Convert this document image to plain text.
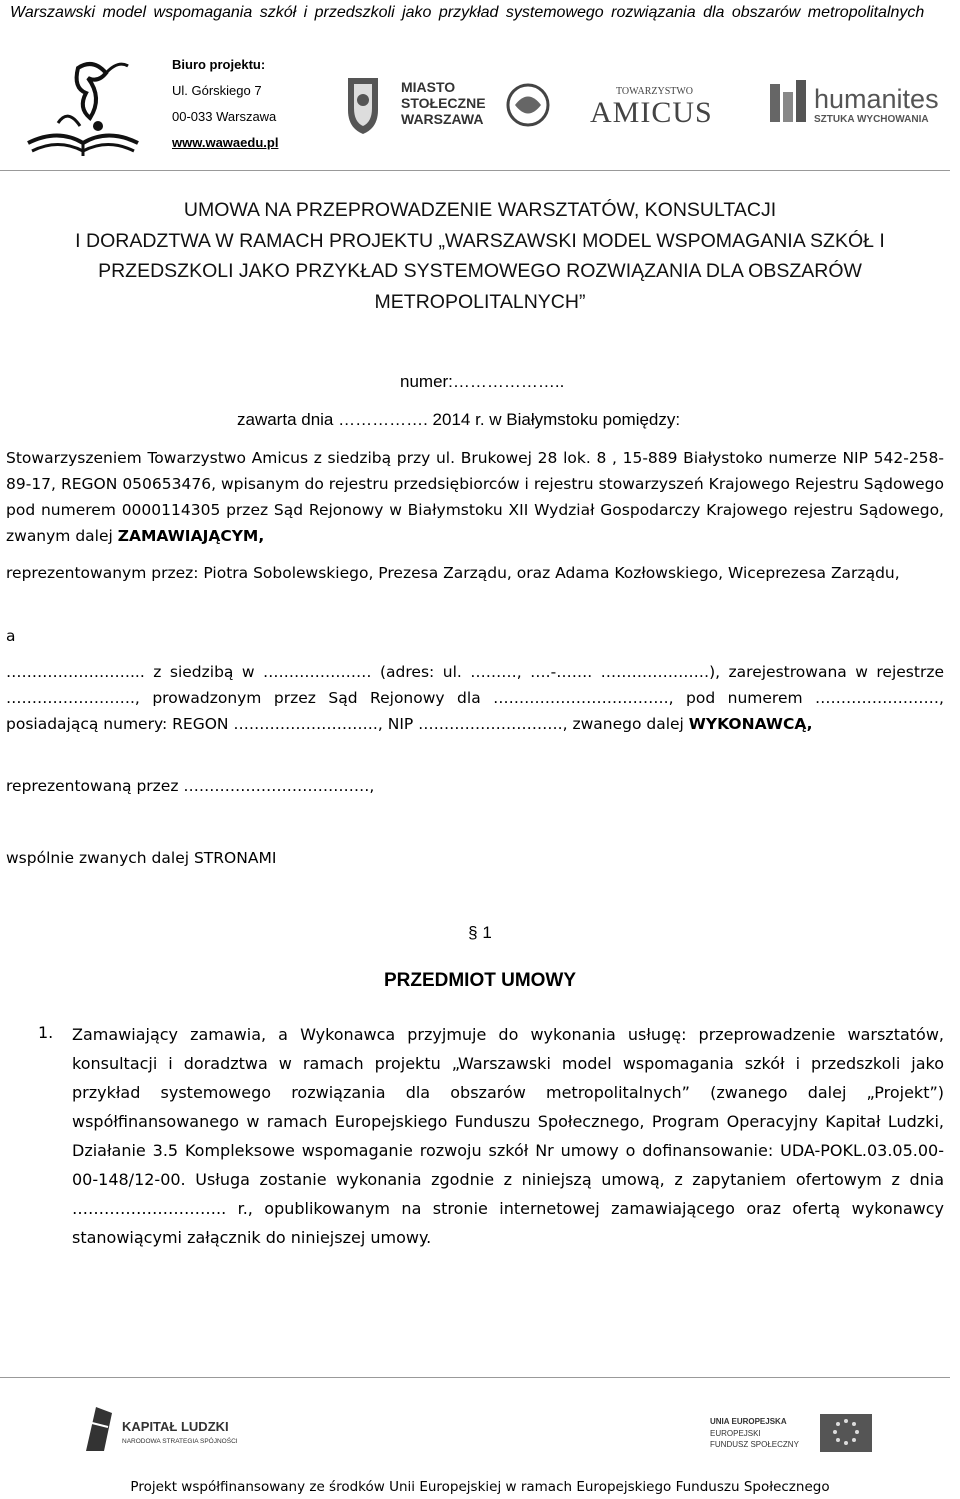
Warszawski model wspomagania szkół i przedszkoli jako przykład systemowego rozwiązania dla obszarów metropolitalnych
Biuro projektu:
Ul. Górskiego 7
00-033 Warszawa
www.wawaedu.pl
MIASTO
STOŁECZNE
WARSZAWA
TOWARZYSTWO
AMICUS	humanites
SZTUKA WYCHOWANIA
UMOWA NA PRZEPROWADZENIE WARSZTATÓW, KONSULTACJI
I DORADZTWA W RAMACH PROJEKTU „WARSZAWSKI MODEL WSPOMAGANIA SZKÓŁ I
PRZEDSZKOLI JAKO PRZYKŁAD SYSTEMOWEGO ROZWIĄZANIA DLA OBSZARÓW
METROPOLITALNYCH”
numer:………………..
zawarta dnia ……………. 2014 r. w Białymstoku pomiędzy:
Stowarzyszeniem Towarzystwo Amicus z siedzibą przy ul. Brukowej 28 lok. 8 , 15-889 Białystoko numerze NIP 542-258-89-17, REGON 050653476, wpisanym do rejestru przedsiębiorców i rejestru stowarzyszeń Krajowego Rejestru Sądowego pod numerem 0000114305 przez Sąd Rejonowy w Białymstoku XII Wydział Gospodarczy Krajowego rejestru Sądowego, zwanym dalej ZAMAWIAJĄCYM,
reprezentowanym przez: Piotra Sobolewskiego, Prezesa Zarządu, oraz Adama Kozłowskiego, Wiceprezesa Zarządu,
a
……………………... z siedzibą w ………………… (adres: ul. ………, ….-……. …………………), zarejestrowana w rejestrze ……………………., prowadzonym przez Sąd Rejonowy dla ……………………………., pod numerem ……………………, posiadającą numery: REGON ………………………., NIP ………………………., zwanego dalej WYKONAWCĄ,
reprezentowaną przez ………………………………,
wspólnie zwanych dalej STRONAMI
§ 1
PRZEDMIOT UMOWY
1. Zamawiający zamawia, a Wykonawca przyjmuje do wykonania usługę: przeprowadzenie warsztatów, konsultacji i doradztwa w ramach projektu „Warszawski model wspomagania szkół i przedszkoli jako przykład systemowego rozwiązania dla obszarów metropolitalnych” (zwanego dalej „Projekt”) współfinansowanego w ramach Europejskiego Funduszu Społecznego, Program Operacyjny Kapitał Ludzki, Działanie 3.5 Kompleksowe wspomaganie rozwoju szkół Nr umowy o dofinansowanie: UDA-POKL.03.05.00-00-148/12-00. Usługa zostanie wykonania zgodnie z niniejszą umową, z zapytaniem ofertowym z dnia ……………………….. r., opublikowanym na stronie internetowej zamawiającego oraz ofertą wykonawcy stanowiącymi załącznik do niniejszej umowy.
KAPITAŁ LUDZKI
NARODOWA STRATEGIA SPÓJNOŚCI
UNIA EUROPEJSKA
EUROPEJSKI
FUNDUSZ SPOŁECZNY
Projekt współfinansowany ze środków Unii Europejskiej w ramach Europejskiego Funduszu Społecznego
